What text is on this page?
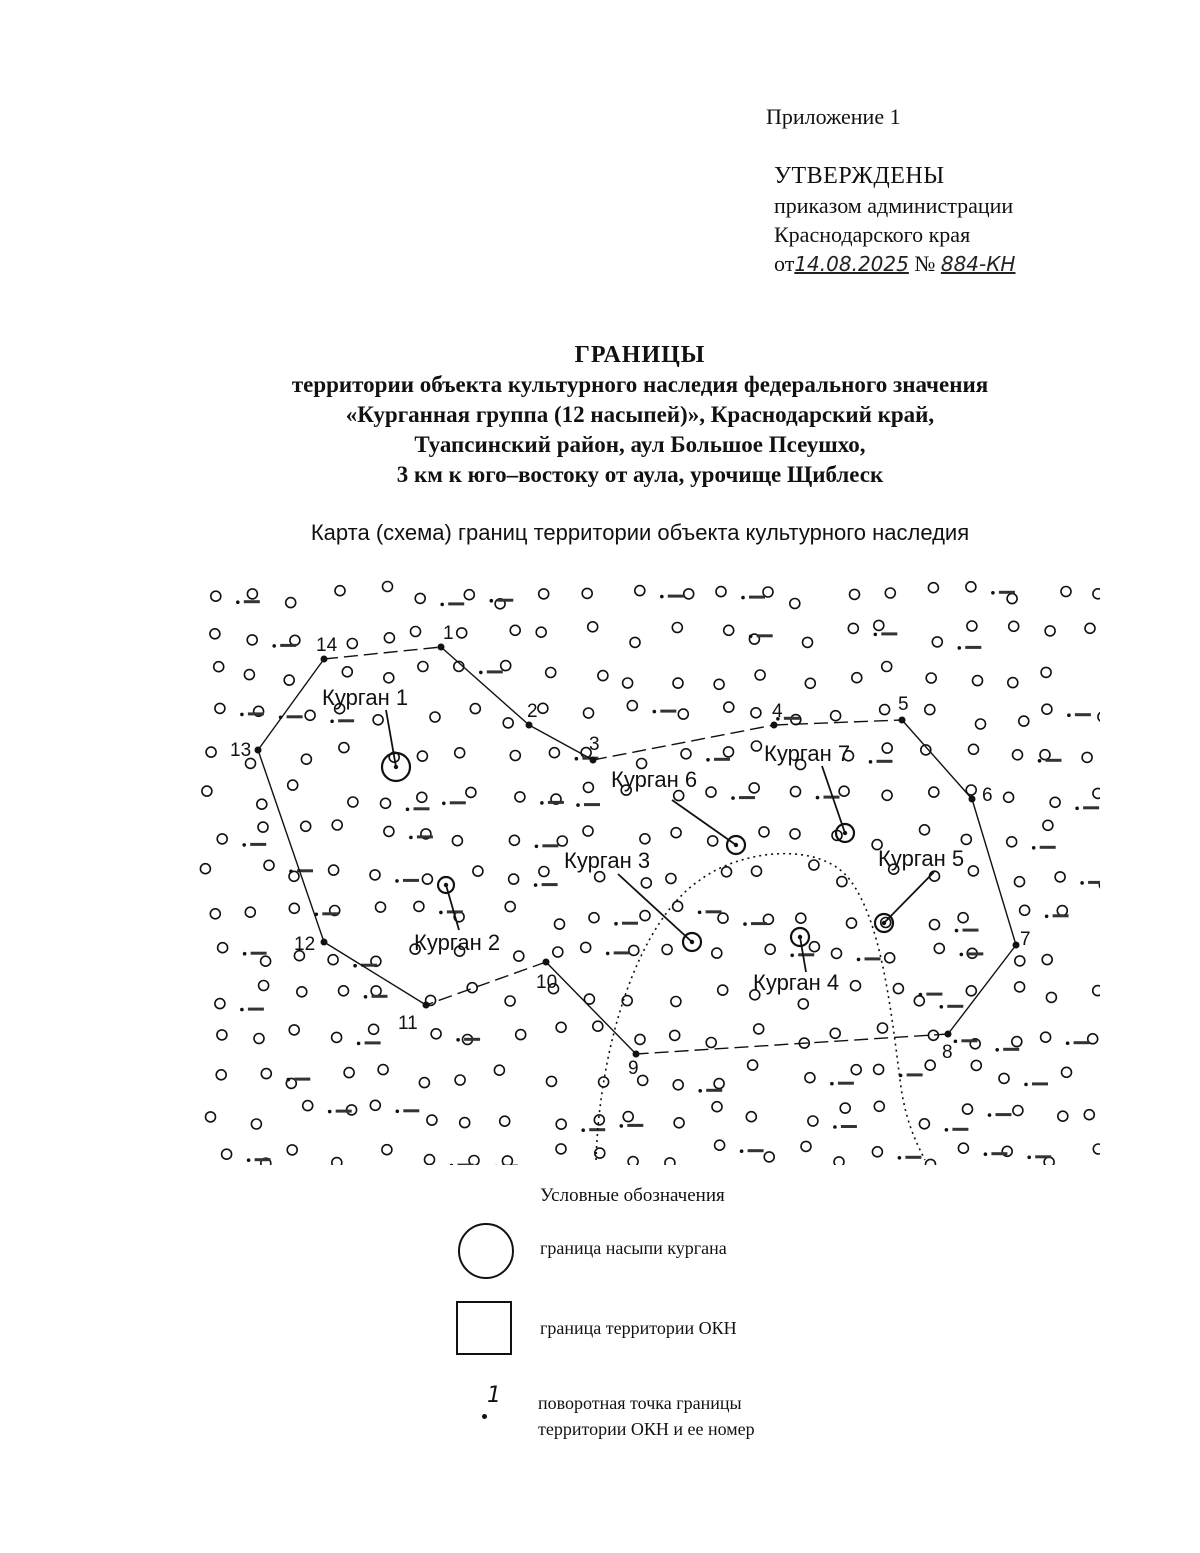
Приложение 1
УТВЕРЖДЕНЫ
приказом администрации
Краснодарского края
от14.08.2025 № 884-КН
ГРАНИЦЫ
территории объекта культурного наследия федерального значения
«Курганная группа (12 насыпей)», Краснодарский край,
Туапсинский район, аул Большое Псеушхо,
3 км к юго–востоку от аула, урочище Щиблеск
Карта (схема) границ территории объекта культурного наследия
Курган 1
Курган 2
Курган 3
Курган 4
Курган 5
Курган 6
Курган 7
1
2
3
4	5
6
7
8
9
10
11
12
13
14
Условные обозначения
граница насыпи кургана
граница территории ОКН
1 поворотная точка границы
территории ОКН и ее номер
